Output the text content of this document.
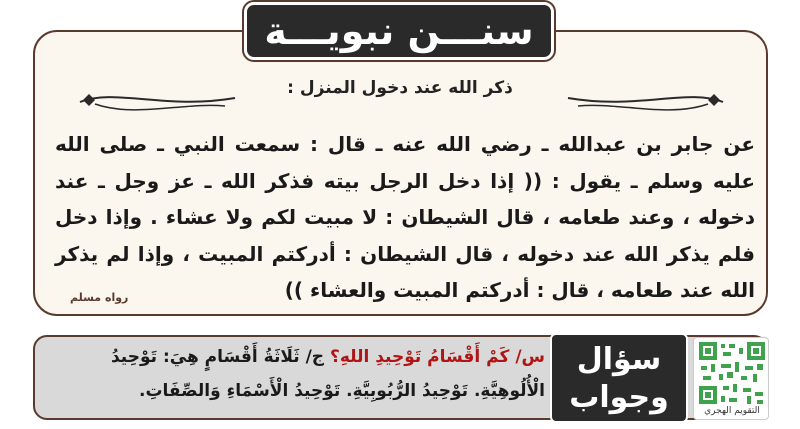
سنـــن نبويـــة
ذكر الله عند دخول المنزل :
عن جابر بن عبدالله ـ رضي الله عنه ـ قال : سمعت النبي ـ صلى الله عليه وسلم ـ يقول : (( إذا دخل الرجل بيته فذكر الله ـ عز وجل ـ عند دخوله ، وعند طعامه ، قال الشيطان : لا مبيت لكم ولا عشاء . وإذا دخل فلم يذكر الله عند دخوله ، قال الشيطان : أدركتم المبيت ، وإذا لم يذكر الله عند طعامه ، قال : أدركتم المبيت والعشاء ))
رواه مسلم
س/ كَمْ أَقْسَامُ تَوْحِيدِ اللهِ؟ ج/ ثَلَاثَةُ أَقْسَامٍ هِيَ: تَوْحِيدُ الْأُلُوهِيَّةِ. تَوْحِيدُ الرُّبُوبِيَّةِ. تَوْحِيدُ الْأَسْمَاءِ وَالصِّفَاتِ.
سؤال
وجواب	التقويم الهجري
